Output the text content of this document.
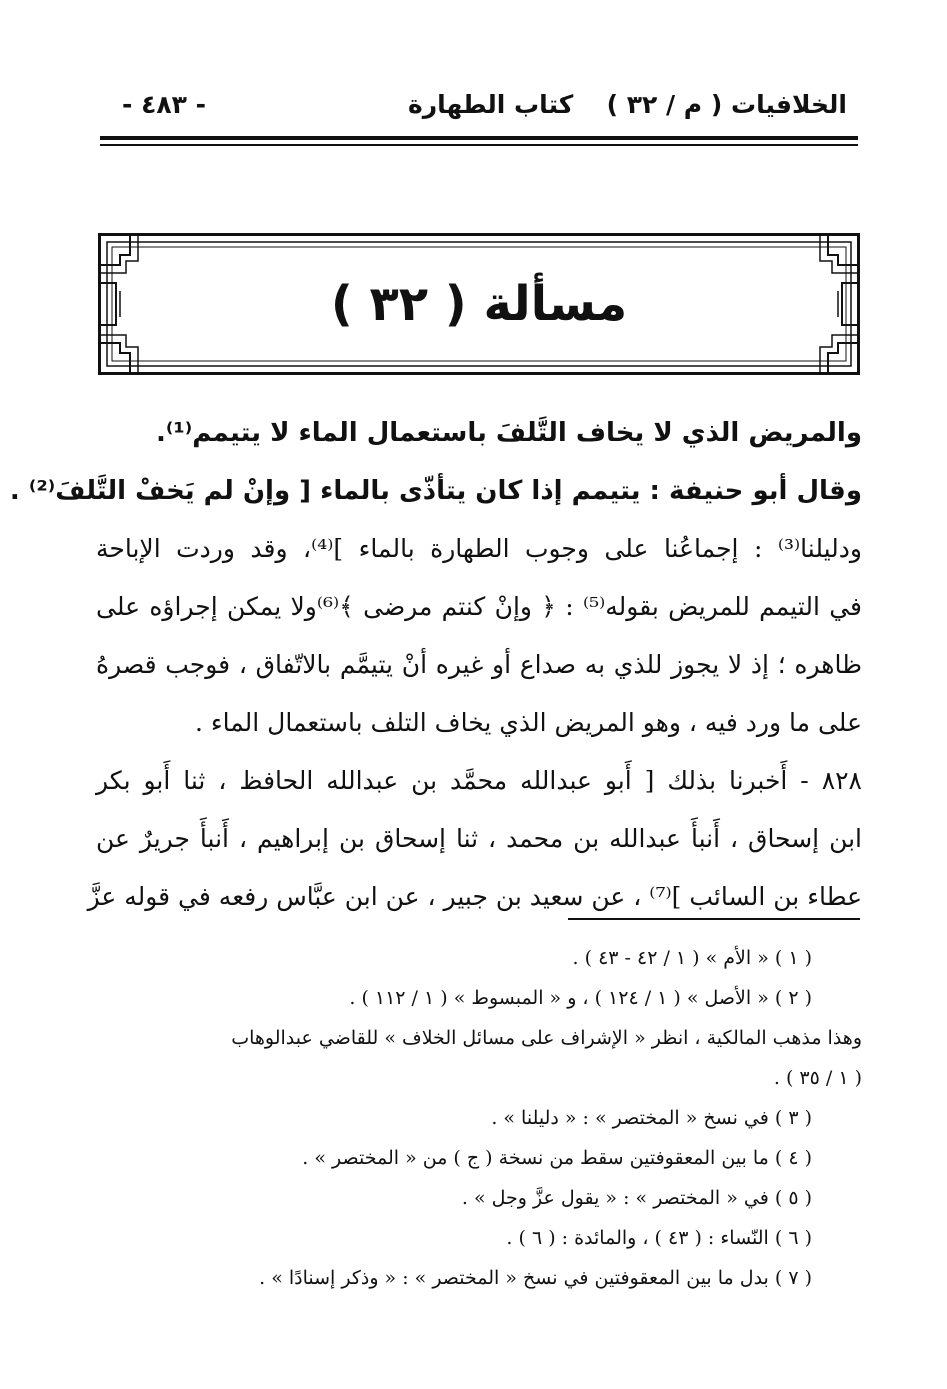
- ٤٨٣ -	كتاب الطهارة الخلافيات ( م / ٣٢ )
مسألة ( ٣٢ )
والمريض الذي لا يخاف التَّلفَ باستعمال الماء لا يتيمم⁽¹⁾.
وقال أبو حنيفة : يتيمم إذا كان يتأذّى بالماء [ وإنْ لم يَخفْ التَّلفَ⁽²⁾ .
ودليلنا⁽³⁾ : إجماعُنا على وجوب الطهارة بالماء ]⁽⁴⁾، وقد وردت الإباحة
في التيمم للمريض بقوله⁽⁵⁾ : ﴿ وإنْ كنتم مرضى ﴾⁽⁶⁾ولا يمكن إجراؤه على
ظاهره ؛ إذ لا يجوز للذي به صداع أو غيره أنْ يتيمَّم بالاتّفاق ، فوجب قصرهُ
على ما ورد فيه ، وهو المريض الذي يخاف التلف باستعمال الماء .
٨٢٨ - أَخبرنا بذلك [ أَبو عبدالله محمَّد بن عبدالله الحافظ ، ثنا أَبو بكر
ابن إسحاق ، أَنبأَ عبدالله بن محمد ، ثنا إسحاق بن إبراهيم ، أَنبأَ جريرٌ عن
عطاء بن السائب ]⁽⁷⁾ ، عن سعيد بن جبير ، عن ابن عبَّاس رفعه في قوله عزَّ
( ١ ) « الأم » ( ١ / ٤٢ - ٤٣ ) .
( ٢ ) « الأصل » ( ١ / ١٢٤ ) ، و « المبسوط » ( ١ / ١١٢ ) .
وهذا مذهب المالكية ، انظر « الإشراف على مسائل الخلاف » للقاضي عبدالوهاب
( ١ / ٣٥ ) .
( ٣ ) في نسخ « المختصر » : « دليلنا » .
( ٤ ) ما بين المعقوفتين سقط من نسخة ( ج ) من « المختصر » .
( ٥ ) في « المختصر » : « يقول عزَّ وجل » .
( ٦ ) النّساء : ( ٤٣ ) ، والمائدة : ( ٦ ) .
( ٧ ) بدل ما بين المعقوفتين في نسخ « المختصر » : « وذكر إسنادًا » .
